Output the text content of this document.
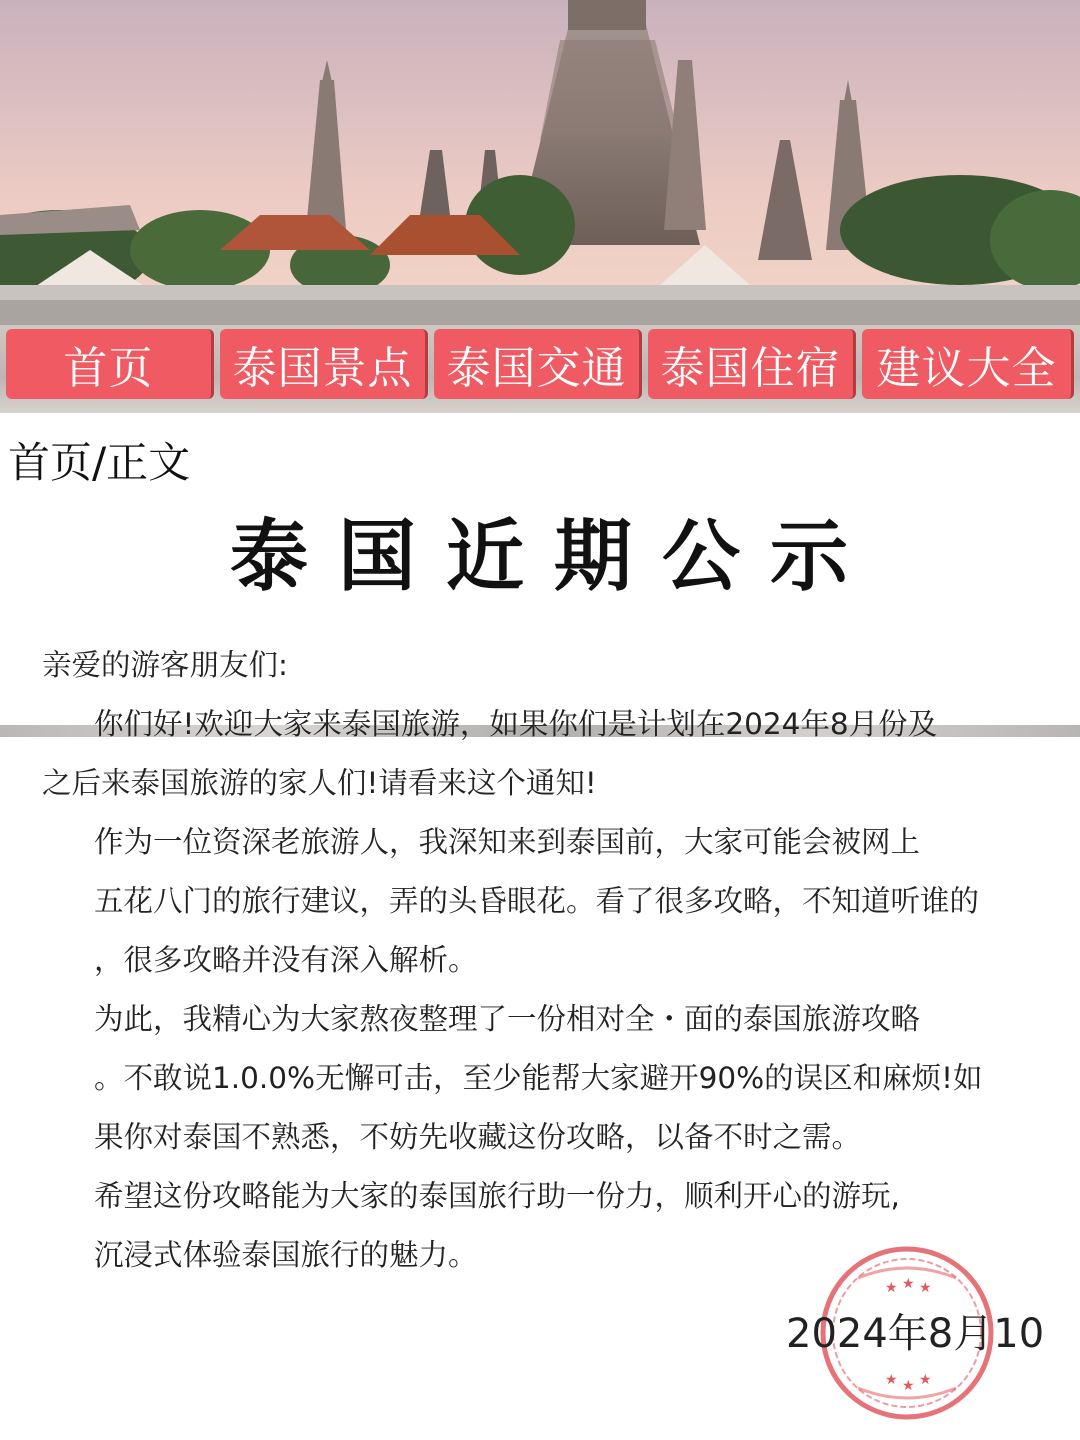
首页	泰国景点 泰国交通 泰国住宿 建议大全
首页/正文
泰国近期公示

亲爱的游客朋友们:

你们好!欢迎大家来泰国旅游，如果你们是计划在2024年8月份及
之后来泰国旅游的家人们!请看来这个通知!

作为一位资深老旅游人，我深知来到泰国前，大家可能会被网上
五花八门的旅行建议，弄的头昏眼花。看了很多攻略，不知道听谁的
，很多攻略并没有深入解析。

为此，我精心为大家熬夜整理了一份相对全・面的泰国旅游攻略
。不敢说1.0.0%无懈可击，至少能帮大家避开90%的误区和麻烦!如
果你对泰国不熟悉，不妨先收藏这份攻略，以备不时之需。

希望这份攻略能为大家的泰国旅行助一份力，顺利开心的游玩,
沉浸式体验泰国旅行的魅力。

★ ★ ★
★ ★ ★
2024年8月10
